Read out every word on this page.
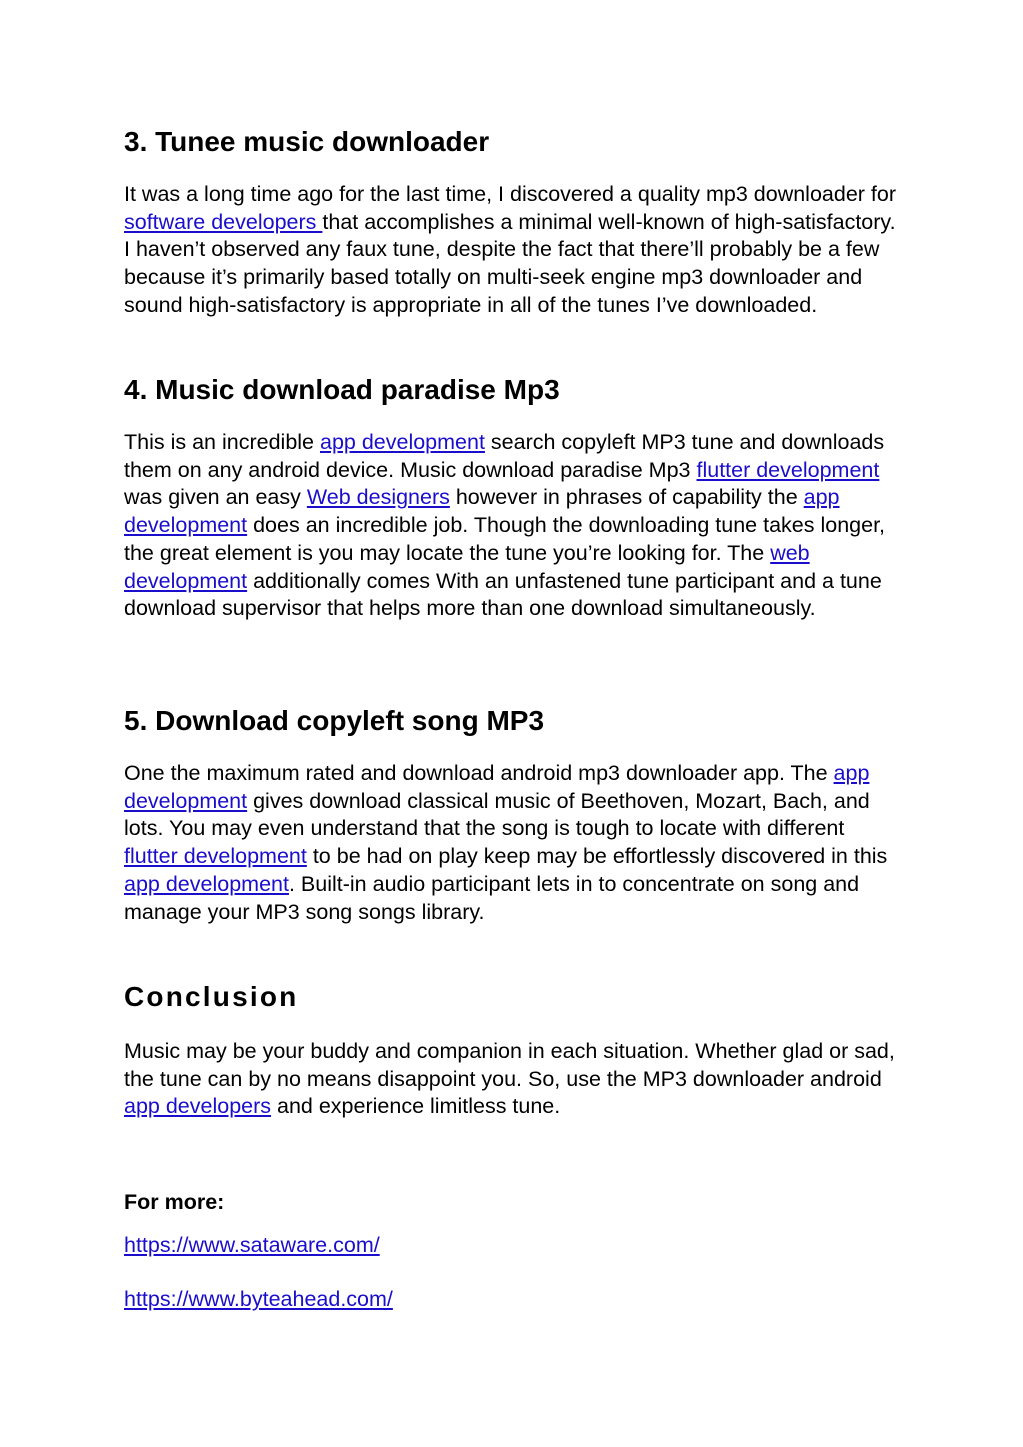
3. Tunee music downloader

It was a long time ago for the last time, I discovered a quality mp3 downloader for software developers that accomplishes a minimal well-known of high-satisfactory. I haven’t observed any faux tune, despite the fact that there’ll probably be a few because it’s primarily based totally on multi-seek engine mp3 downloader and sound high-satisfactory is appropriate in all of the tunes I’ve downloaded.

4. Music download paradise Mp3

This is an incredible app development search copyleft MP3 tune and downloads them on any android device. Music download paradise Mp3 flutter development was given an easy Web designers however in phrases of capability the app development does an incredible job. Though the downloading tune takes longer, the great element is you may locate the tune you’re looking for. The web development additionally comes With an unfastened tune participant and a tune download supervisor that helps more than one download simultaneously.

5. Download copyleft song MP3

One the maximum rated and download android mp3 downloader app. The app development gives download classical music of Beethoven, Mozart, Bach, and lots. You may even understand that the song is tough to locate with different flutter development to be had on play keep may be effortlessly discovered in this app development. Built-in audio participant lets in to concentrate on song and manage your MP3 song songs library.

Conclusion

Music may be your buddy and companion in each situation. Whether glad or sad, the tune can by no means disappoint you. So, use the MP3 downloader android app developers and experience limitless tune.

For more:

https://www.sataware.com/

https://www.byteahead.com/
